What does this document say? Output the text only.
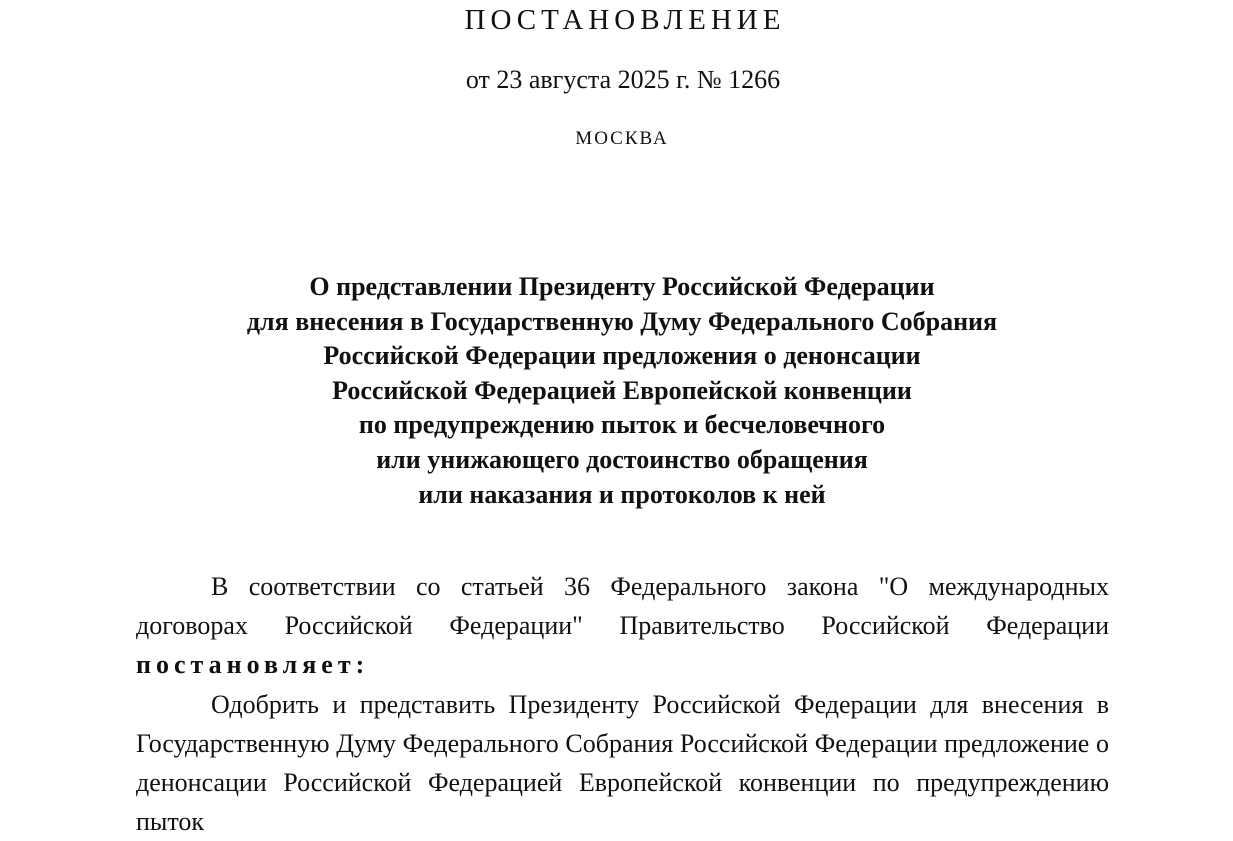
ПОСТАНОВЛЕНИЕ
от 23 августа 2025 г. № 1266
МОСКВА
О представлении Президенту Российской Федерации
для внесения в Государственную Думу Федерального Собрания
Российской Федерации предложения о денонсации
Российской Федерацией Европейской конвенции
по предупреждению пыток и бесчеловечного
или унижающего достоинство обращения
или наказания и протоколов к ней

В соответствии со статьей 36 Федерального закона "О международных договорах Российской Федерации" Правительство Российской Федерации постановляет:

Одобрить и представить Президенту Российской Федерации для внесения в Государственную Думу Федерального Собрания Российской Федерации предложение о денонсации Российской Федерацией Европейской конвенции по предупреждению пыток
